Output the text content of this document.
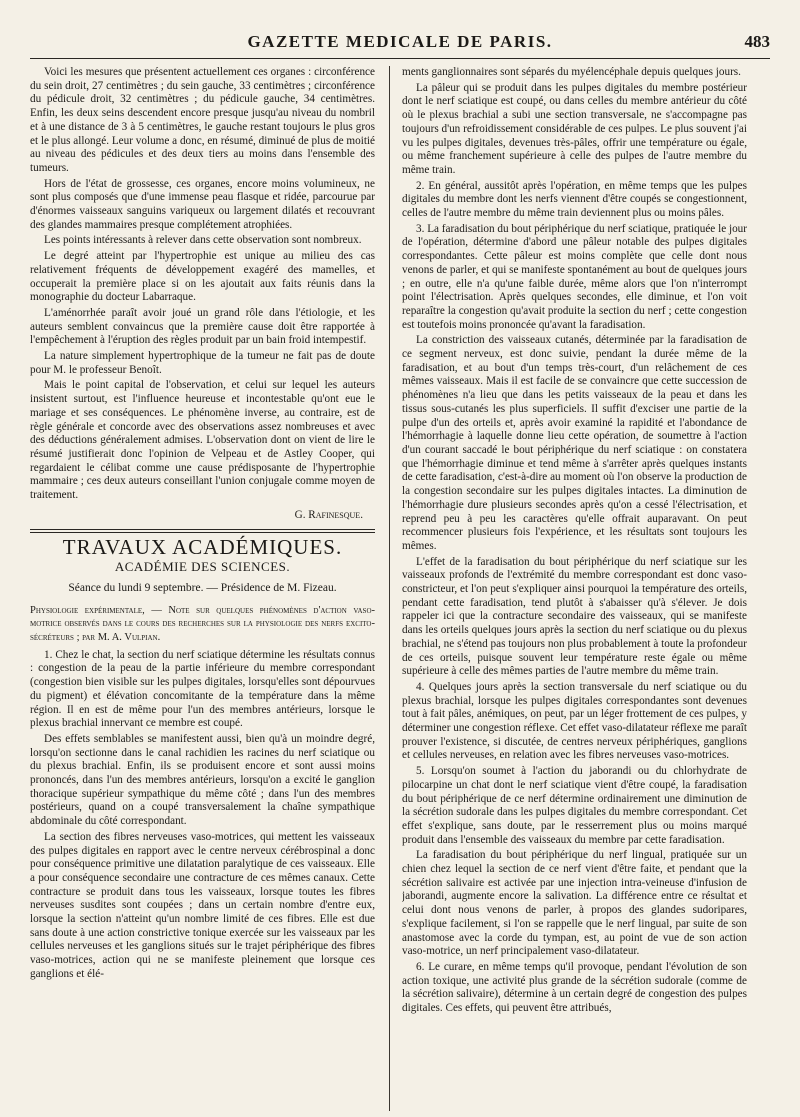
GAZETTE MEDICALE DE PARIS.	483

Voici les mesures que présentent actuellement ces organes : circonférence du sein droit, 27 centimètres ; du sein gauche, 33 centimètres ; circonférence du pédicule droit, 32 centimètres ; du pédicule gauche, 34 centimètres. Enfin, les deux seins descendent encore presque jusqu'au niveau du nombril et à une distance de 3 à 5 centimètres, le gauche restant toujours le plus gros et le plus allongé. Leur volume a donc, en résumé, diminué de plus de moitié au niveau des pédicules et des deux tiers au moins dans l'ensemble des tumeurs.

Hors de l'état de grossesse, ces organes, encore moins volumineux, ne sont plus composés que d'une immense peau flasque et ridée, parcourue par d'énormes vaisseaux sanguins variqueux ou largement dilatés et recouvrant des glandes mammaires presque complétement atrophiées.

Les points intéressants à relever dans cette observation sont nombreux.

Le degré atteint par l'hypertrophie est unique au milieu des cas relativement fréquents de développement exagéré des mamelles, et occuperait la première place si on les ajoutait aux faits réunis dans la monographie du docteur Labarraque.

L'aménorrhée paraît avoir joué un grand rôle dans l'étiologie, et les auteurs semblent convaincus que la première cause doit être rapportée à l'empêchement à l'éruption des règles produit par un bain froid intempestif.

La nature simplement hypertrophique de la tumeur ne fait pas de doute pour M. le professeur Benoît.

Mais le point capital de l'observation, et celui sur lequel les auteurs insistent surtout, est l'influence heureuse et incontestable qu'ont eue le mariage et ses conséquences. Le phénomène inverse, au contraire, est de règle générale et concorde avec des observations assez nombreuses et avec des déductions généralement admises. L'observation dont on vient de lire le résumé justifierait donc l'opinion de Velpeau et de Astley Cooper, qui regardaient le célibat comme une cause prédisposante de l'hypertrophie mammaire ; ces deux auteurs conseillant l'union conjugale comme moyen de traitement.

G. Rafinesque.

TRAVAUX ACADÉMIQUES.
ACADÉMIE DES SCIENCES.
Séance du lundi 9 septembre. — Présidence de M. Fizeau.

Physiologie expérimentale, — Note sur quelques phénomènes d'action vaso-motrice observés dans le cours des recherches sur la physiologie des nerfs excito-sécréteurs ; par M. A. Vulpian.

1. Chez le chat, la section du nerf sciatique détermine les résultats connus : congestion de la peau de la partie inférieure du membre correspondant (congestion bien visible sur les pulpes digitales, lorsqu'elles sont dépourvues du pigment) et élévation concomitante de la température dans la même région. Il en est de même pour l'un des membres antérieurs, lorsque le plexus brachial innervant ce membre est coupé.

Des effets semblables se manifestent aussi, bien qu'à un moindre degré, lorsqu'on sectionne dans le canal rachidien les racines du nerf sciatique ou du plexus brachial. Enfin, ils se produisent encore et sont aussi moins prononcés, dans l'un des membres antérieurs, lorsqu'on a excité le ganglion thoracique supérieur sympathique du même côté ; dans l'un des membres postérieurs, quand on a coupé transversalement la chaîne sympathique abdominale du côté correspondant.

La section des fibres nerveuses vaso-motrices, qui mettent les vaisseaux des pulpes digitales en rapport avec le centre nerveux cérébrospinal a donc pour conséquence primitive une dilatation paralytique de ces vaisseaux. Elle a pour conséquence secondaire une contracture de ces mêmes canaux. Cette contracture se produit dans tous les vaisseaux, lorsque toutes les fibres nerveuses susdites sont coupées ; dans un certain nombre d'entre eux, lorsque la section n'atteint qu'un nombre limité de ces fibres. Elle est due sans doute à une action constrictive tonique exercée sur les vaisseaux par les cellules nerveuses et les ganglions situés sur le trajet périphérique des fibres vaso-motrices, action qui ne se manifeste pleinement que lorsque ces ganglions et élé-

ments ganglionnaires sont séparés du myélencéphale depuis quelques jours.

La pâleur qui se produit dans les pulpes digitales du membre postérieur dont le nerf sciatique est coupé, ou dans celles du membre antérieur du côté où le plexus brachial a subi une section transversale, ne s'accompagne pas toujours d'un refroidissement considérable de ces pulpes. Le plus souvent j'ai vu les pulpes digitales, devenues très-pâles, offrir une température ou égale, ou même franchement supérieure à celle des pulpes de l'autre membre du même train.

2. En général, aussitôt après l'opération, en même temps que les pulpes digitales du membre dont les nerfs viennent d'être coupés se congestionnent, celles de l'autre membre du même train deviennent plus ou moins pâles.

3. La faradisation du bout périphérique du nerf sciatique, pratiquée le jour de l'opération, détermine d'abord une pâleur notable des pulpes digitales correspondantes. Cette pâleur est moins complète que celle dont nous venons de parler, et qui se manifeste spontanément au bout de quelques jours ; en outre, elle n'a qu'une faible durée, même alors que l'on n'interrompt point l'électrisation. Après quelques secondes, elle diminue, et l'on voit reparaître la congestion qu'avait produite la section du nerf ; cette congestion est toutefois moins prononcée qu'avant la faradisation.

La constriction des vaisseaux cutanés, déterminée par la faradisation de ce segment nerveux, est donc suivie, pendant la durée même de la faradisation, et au bout d'un temps très-court, d'un relâchement de ces mêmes vaisseaux. Mais il est facile de se convaincre que cette succession de phénomènes n'a lieu que dans les petits vaisseaux de la peau et dans les tissus sous-cutanés les plus superficiels. Il suffit d'exciser une partie de la pulpe d'un des orteils et, après avoir examiné la rapidité et l'abondance de l'hémorrhagie à laquelle donne lieu cette opération, de soumettre à l'action d'un courant saccadé le bout périphérique du nerf sciatique : on constatera que l'hémorrhagie diminue et tend même à s'arrêter après quelques instants de cette faradisation, c'est-à-dire au moment où l'on observe la production de la congestion secondaire sur les pulpes digitales intactes. La diminution de l'hémorrhagie dure plusieurs secondes après qu'on a cessé l'électrisation, et reprend peu à peu les caractères qu'elle offrait auparavant. On peut recommencer plusieurs fois l'expérience, et les résultats sont toujours les mêmes.

L'effet de la faradisation du bout périphérique du nerf sciatique sur les vaisseaux profonds de l'extrémité du membre correspondant est donc vaso-constricteur, et l'on peut s'expliquer ainsi pourquoi la température des orteils, pendant cette faradisation, tend plutôt à s'abaisser qu'à s'élever. Je dois rappeler ici que la contracture secondaire des vaisseaux, qui se manifeste dans les orteils quelques jours après la section du nerf sciatique ou du plexus brachial, ne s'étend pas toujours non plus probablement à toute la profondeur de ces orteils, puisque souvent leur température reste égale ou même supérieure à celle des mêmes parties de l'autre membre du même train.

4. Quelques jours après la section transversale du nerf sciatique ou du plexus brachial, lorsque les pulpes digitales correspondantes sont devenues tout à fait pâles, anémiques, on peut, par un léger frottement de ces pulpes, y déterminer une congestion réflexe. Cet effet vaso-dilatateur réflexe me paraît prouver l'existence, si discutée, de centres nerveux périphériques, ganglions et cellules nerveuses, en relation avec les fibres nerveuses vaso-motrices.

5. Lorsqu'on soumet à l'action du jaborandi ou du chlorhydrate de pilocarpine un chat dont le nerf sciatique vient d'être coupé, la faradisation du bout périphérique de ce nerf détermine ordinairement une diminution de la sécrétion sudorale dans les pulpes digitales du membre correspondant. Cet effet s'explique, sans doute, par le resserrement plus ou moins marqué produit dans l'ensemble des vaisseaux du membre par cette faradisation.

La faradisation du bout périphérique du nerf lingual, pratiquée sur un chien chez lequel la section de ce nerf vient d'être faite, et pendant que la sécrétion salivaire est activée par une injection intra-veineuse d'infusion de jaborandi, augmente encore la salivation. La différence entre ce résultat et celui dont nous venons de parler, à propos des glandes sudoripares, s'explique facilement, si l'on se rappelle que le nerf lingual, par suite de son anastomose avec la corde du tympan, est, au point de vue de son action vaso-motrice, un nerf principalement vaso-dilatateur.

6. Le curare, en même temps qu'il provoque, pendant l'évolution de son action toxique, une activité plus grande de la sécrétion sudorale (comme de la sécrétion salivaire), détermine à un certain degré de congestion des pulpes digitales. Ces effets, qui peuvent être attribués,
